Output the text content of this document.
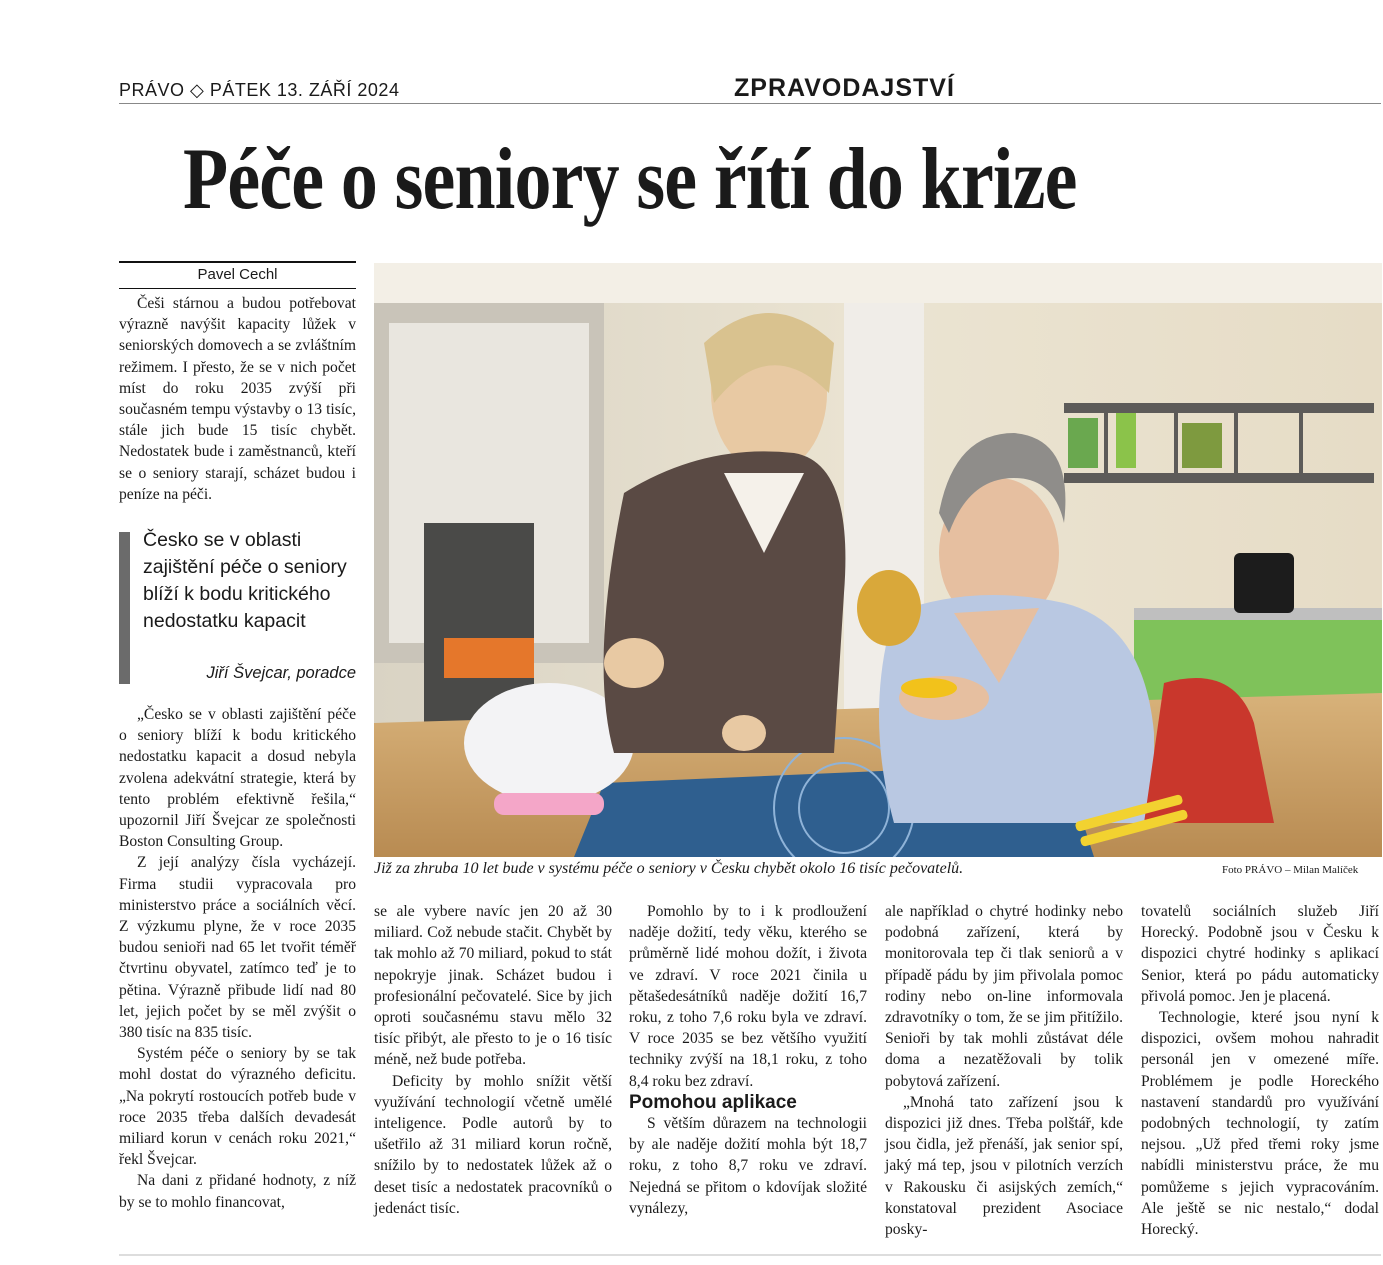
PRÁVO ◇ PÁTEK 13. ZÁŘÍ 2024	ZPRAVODAJSTVÍ
Péče o seniory se řítí do krize
Pavel Cechl

Češi stárnou a budou potřebovat výrazně navýšit kapacity lůžek v seniorských domovech a se zvláštním režimem. I přesto, že se v nich počet míst do roku 2035 zvýší při současném tempu výstavby o 13 tisíc, stále jich bude 15 tisíc chybět. Nedostatek bude i zaměstnanců, kteří se o seniory starají, scházet budou i peníze na péči.

Česko se v oblasti zajištění péče o seniory blíží k bodu kritického nedostatku kapacit
Jiří Švejcar, poradce

„Česko se v oblasti zajištění péče o seniory blíží k bodu kritického nedostatku kapacit a dosud nebyla zvolena adekvátní strategie, která by tento problém efektivně řešila,“ upozornil Jiří Švejcar ze společnosti Boston Consulting Group.

Z její analýzy čísla vycházejí. Firma studii vypracovala pro ministerstvo práce a sociálních věcí. Z výzkumu plyne, že v roce 2035 budou senioři nad 65 let tvořit téměř čtvrtinu obyvatel, zatímco teď je to pětina. Výrazně přibude lidí nad 80 let, jejich počet by se měl zvýšit o 380 tisíc na 835 tisíc.

Systém péče o seniory by se tak mohl dostat do výrazného deficitu. „Na pokrytí rostoucích potřeb bude v roce 2035 třeba dalších devadesát miliard korun v cenách roku 2021,“ řekl Švejcar.

Na dani z přidané hodnoty, z níž by se to mohlo financovat,

Již za zhruba 10 let bude v systému péče o seniory v Česku chybět okolo 16 tisíc pečovatelů.	Foto PRÁVO – Milan Malíček

se ale vybere navíc jen 20 až 30 miliard. Což nebude stačit. Chybět by tak mohlo až 70 miliard, pokud to stát nepokryje jinak. Scházet budou i profesionální pečovatelé. Sice by jich oproti současnému stavu mělo 32 tisíc přibýt, ale přesto to je o 16 tisíc méně, než bude potřeba.

Deficity by mohlo snížit větší využívání technologií včetně umělé inteligence. Podle autorů by to ušetřilo až 31 miliard korun ročně, snížilo by to nedostatek lůžek až o deset tisíc a nedostatek pracovníků o jedenáct tisíc.

Pomohlo by to i k prodloužení naděje dožití, tedy věku, kterého se průměrně lidé mohou dožít, i života ve zdraví. V roce 2021 činila u pětašedesátníků naděje dožití 16,7 roku, z toho 7,6 roku byla ve zdraví. V roce 2035 se bez většího využití techniky zvýší na 18,1 roku, z toho 8,4 roku bez zdraví.

Pomohou aplikace

S větším důrazem na technologii by ale naděje dožití mohla být 18,7 roku, z toho 8,7 roku ve zdraví. Nejedná se přitom o kdovíjak složité vynálezy,

ale například o chytré hodinky nebo podobná zařízení, která by monitorovala tep či tlak seniorů a v případě pádu by jim přivolala pomoc rodiny nebo on-line informovala zdravotníky o tom, že se jim přitížilo. Senioři by tak mohli zůstávat déle doma a nezatěžovali by tolik pobytová zařízení.

„Mnohá tato zařízení jsou k dispozici již dnes. Třeba polštář, kde jsou čidla, jež přenáší, jak senior spí, jaký má tep, jsou v pilotních verzích v Rakousku či asijských zemích,“ konstatoval prezident Asociace posky-

tovatelů sociálních služeb Jiří Horecký. Podobně jsou v Česku k dispozici chytré hodinky s aplikací Senior, která po pádu automaticky přivolá pomoc. Jen je placená.

Technologie, které jsou nyní k dispozici, ovšem mohou nahradit personál jen v omezené míře. Problémem je podle Horeckého nastavení standardů pro využívání podobných technologií, ty zatím nejsou. „Už před třemi roky jsme nabídli ministerstvu práce, že mu pomůžeme s jejich vypracováním. Ale ještě se nic nestalo,“ dodal Horecký.
